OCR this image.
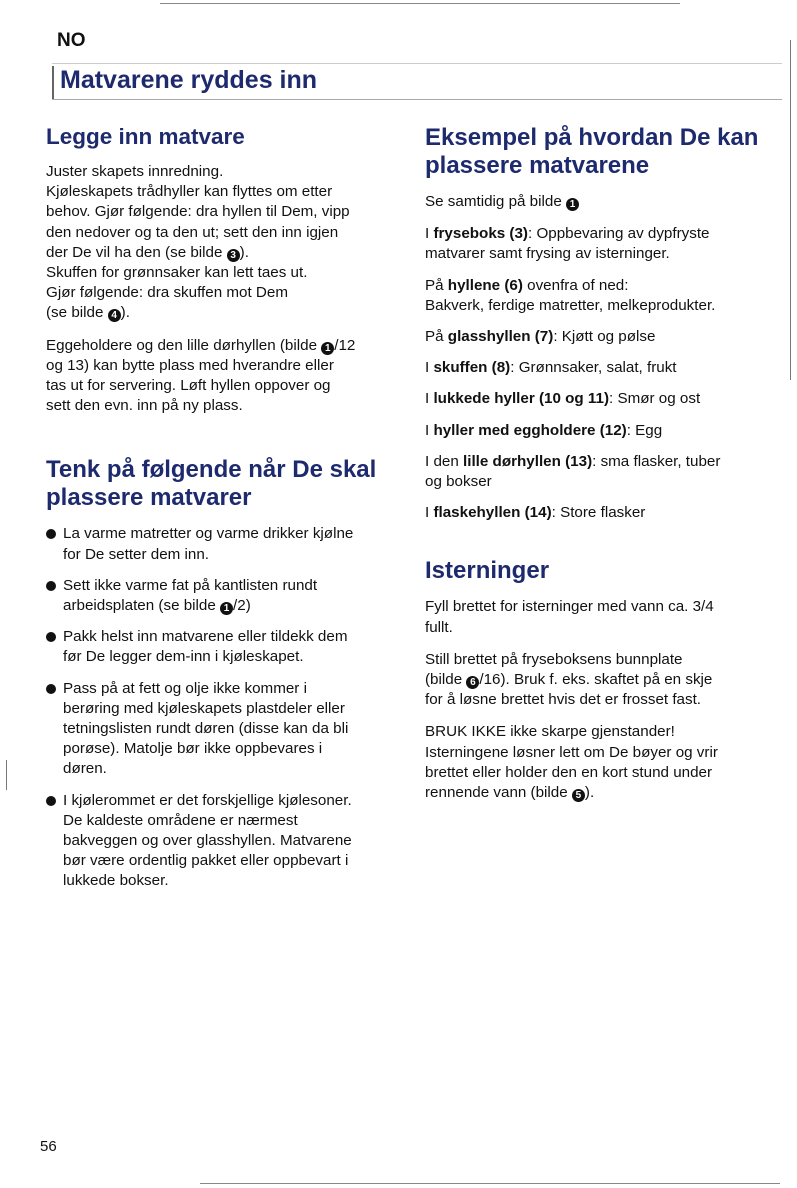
NO
Matvarene ryddes inn
Legge inn matvare

Juster skapets innredning.
Kjøleskapets trådhyller kan flyttes om etter
behov. Gjør følgende: dra hyllen til Dem, vipp
den nedover og ta den ut; sett den inn igjen
der De vil ha den (se bilde 3 ).
Skuffen for grønnsaker kan lett taes ut.
Gjør følgende: dra skuffen mot Dem
(se bilde 4 ).

Eggeholdere og den lille dørhyllen (bilde 1 /12
og 13) kan bytte plass med hverandre eller
tas ut for servering. Løft hyllen oppover og
sett den evn. inn på ny plass.

Tenk på følgende når De skal plassere matvarer
La varme matretter og varme drikker kjølne
for De setter dem inn.
Sett ikke varme fat på kantlisten rundt
arbeidsplaten (se bilde 1 /2)
Pakk helst inn matvarene eller tildekk dem
før De legger dem-inn i kjøleskapet.
Pass på at fett og olje ikke kommer i
berøring med kjøleskapets plastdeler eller
tetningslisten rundt døren (disse kan da bli
porøse). Matolje bør ikke oppbevares i
døren.
I kjølerommet er det forskjellige kjølesoner.
De kaldeste områdene er nærmest
bakveggen og over glasshyllen. Matvarene
bør være ordentlig pakket eller oppbevart i
lukkede bokser.
Eksempel på hvordan De kan plassere matvarene

Se samtidig på bilde 1

I fryseboks (3): Oppbevaring av dypfryste
matvarer samt frysing av isterninger.
På hyllene (6) ovenfra of ned:
Bakverk, ferdige matretter, melkeprodukter.
På glasshyllen (7): Kjøtt og pølse
I skuffen (8): Grønnsaker, salat, frukt
I lukkede hyller (10 og 11): Smør og ost
I hyller med eggholdere (12): Egg
I den lille dørhyllen (13): sma flasker, tuber
og bokser
I flaskehyllen (14): Store flasker
Isterninger

Fyll brettet for isterninger med vann ca. 3/4
fullt.

Still brettet på fryseboksens bunnplate
(bilde 6 /16). Bruk f. eks. skaftet på en skje
for å løsne brettet hvis det er frosset fast.

BRUK IKKE ikke skarpe gjenstander!
Isterningene løsner lett om De bøyer og vrir
brettet eller holder den en kort stund under
rennende vann (bilde 5 ).

56
